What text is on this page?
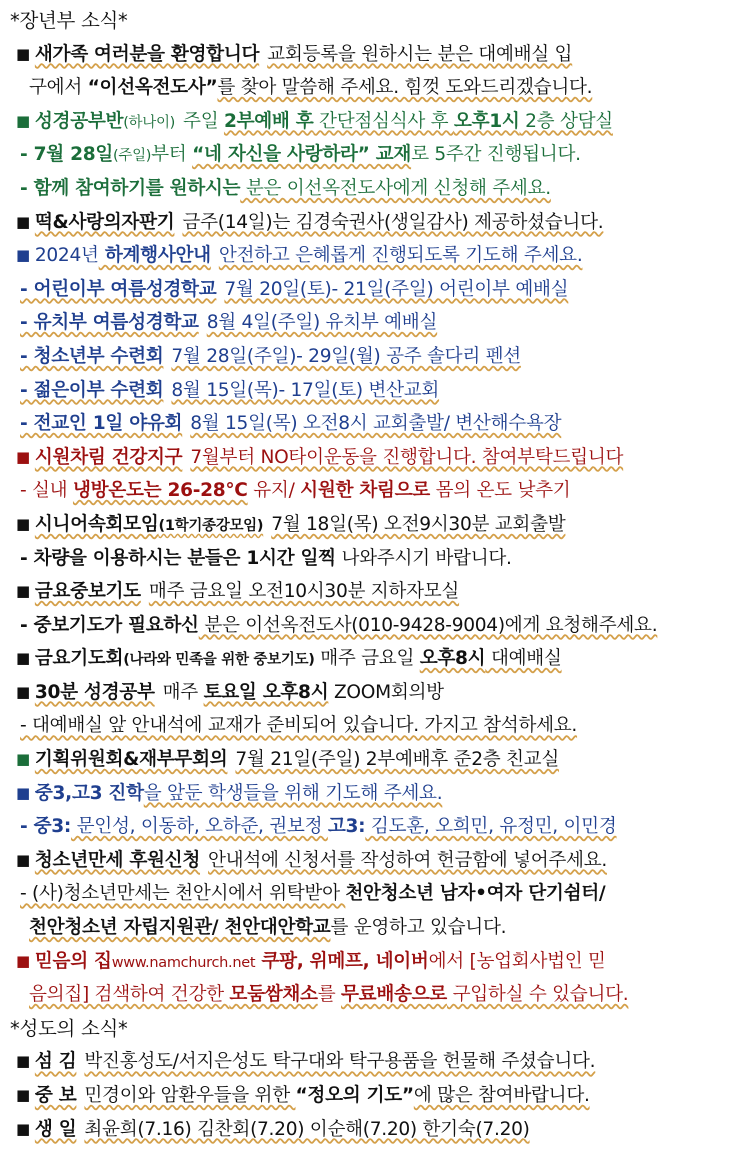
*장년부 소식*
■ 새가족 여러분을 환영합니다 교회등록을 원하시는 분은 대예배실 입
구에서 “이선옥전도사”를 찾아 말씀해 주세요. 힘껏 도와드리겠습니다.
■ 성경공부반(하나이) 주일 2부예배 후 간단점심식사 후 오후1시 2층 상담실
- 7월 28일(주일)부터 “네 자신을 사랑하라” 교재로 5주간 진행됩니다.
- 함께 참여하기를 원하시는 분은 이선옥전도사에게 신청해 주세요.
■ 떡&사랑의자판기 금주(14일)는 김경숙권사(생일감사) 제공하셨습니다.
■ 2024년 하계행사안내 안전하고 은혜롭게 진행되도록 기도해 주세요.
- 어린이부 여름성경학교 7월 20일(토)- 21일(주일) 어린이부 예배실
- 유치부 여름성경학교 8월 4일(주일) 유치부 예배실
- 청소년부 수련회 7월 28일(주일)- 29일(월) 공주 솔다리 펜션
- 젊은이부 수련회 8월 15일(목)- 17일(토) 변산교회
- 전교인 1일 야유회 8월 15일(목) 오전8시 교회출발/ 변산해수욕장
■ 시원차림 건강지구 7월부터 NO타이운동을 진행합니다. 참여부탁드립니다
- 실내 냉방온도는 26-28℃ 유지/ 시원한 차림으로 몸의 온도 낮추기
■ 시니어속회모임(1학기종강모임) 7월 18일(목) 오전9시30분 교회출발
- 차량을 이용하시는 분들은 1시간 일찍 나와주시기 바랍니다.
■ 금요중보기도 매주 금요일 오전10시30분 지하자모실
- 중보기도가 필요하신 분은 이선옥전도사(010-9428-9004)에게 요청해주세요.
■ 금요기도회(나라와 민족을 위한 중보기도) 매주 금요일 오후8시 대예배실
■ 30분 성경공부 매주 토요일 오후8시 ZOOM회의방
- 대예배실 앞 안내석에 교재가 준비되어 있습니다. 가지고 참석하세요.
■ 기획위원회&재부무회의 7월 21일(주일) 2부예배후 준2층 친교실
■ 중3,고3 진학을 앞둔 학생들을 위해 기도해 주세요.
- 중3: 문인성, 이동하, 오하준, 권보정 고3: 김도훈, 오희민, 유정민, 이민경
■ 청소년만세 후원신청 안내석에 신청서를 작성하여 헌금함에 넣어주세요.
- (사)청소년만세는 천안시에서 위탁받아 천안청소년 남자•여자 단기쉼터/
천안청소년 자립지원관/ 천안대안학교를 운영하고 있습니다.
■ 믿음의 집www.namchurch.net 쿠팡, 위메프, 네이버에서 [농업회사법인 믿
음의집] 검색하여 건강한 모둠쌈채소를 무료배송으로 구입하실 수 있습니다.
*성도의 소식*
■ 섬 김 박진홍성도/서지은성도 탁구대와 탁구용품을 헌물해 주셨습니다.
■ 중 보 민경이와 암환우들을 위한 “정오의 기도”에 많은 참여바랍니다.
■ 생 일 최윤희(7.16) 김찬회(7.20) 이순해(7.20) 한기숙(7.20)
